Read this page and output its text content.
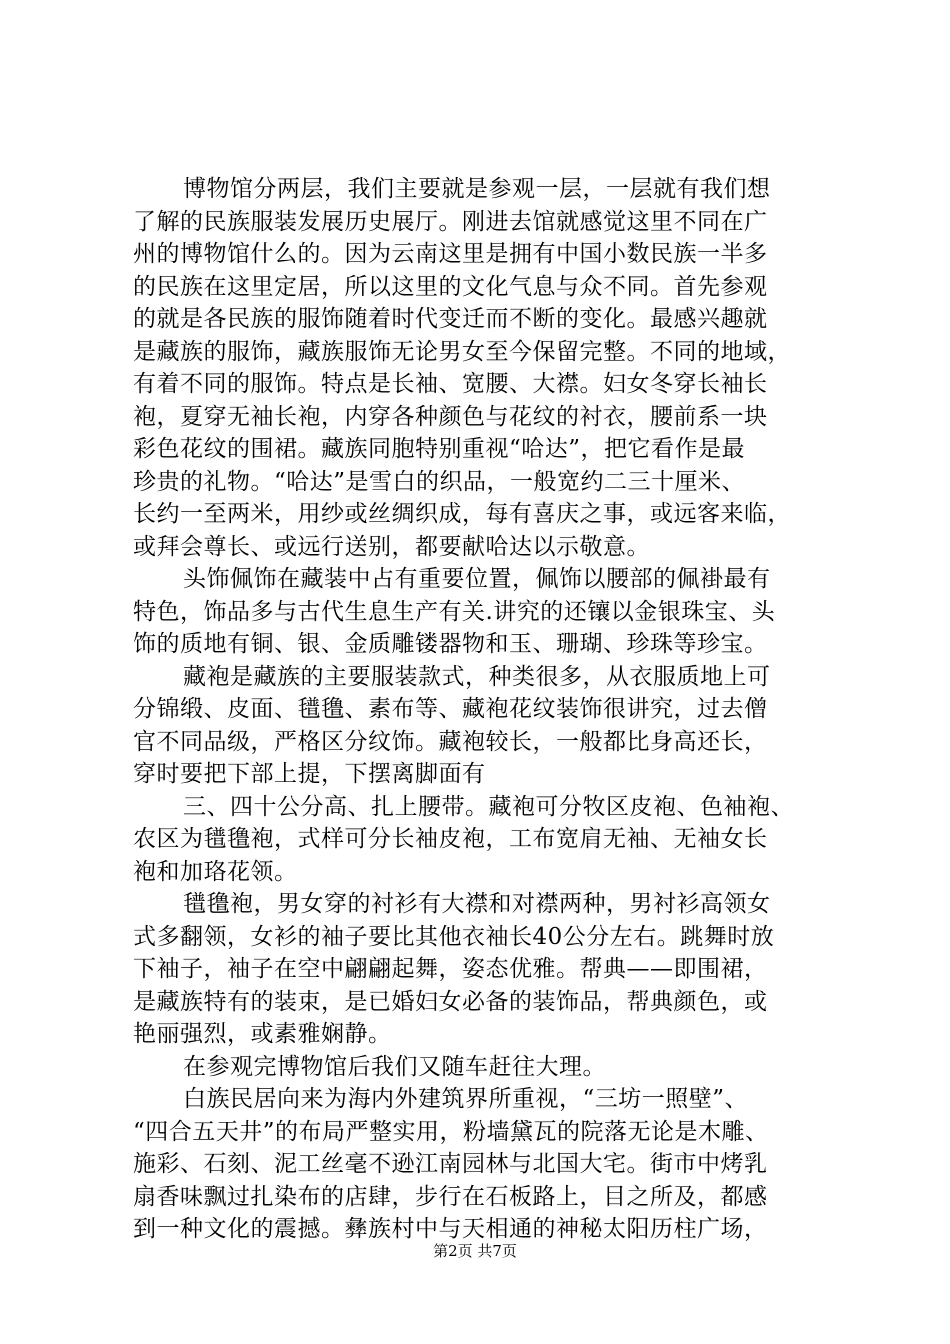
博物馆分两层，我们主要就是参观一层，一层就有我们想
了解的民族服装发展历史展厅。刚进去馆就感觉这里不同在广
州的博物馆什么的。因为云南这里是拥有中国小数民族一半多
的民族在这里定居，所以这里的文化气息与众不同。首先参观
的就是各民族的服饰随着时代变迁而不断的变化。最感兴趣就
是藏族的服饰，藏族服饰无论男女至今保留完整。不同的地域，
有着不同的服饰。特点是长袖、宽腰、大襟。妇女冬穿长袖长
袍，夏穿无袖长袍，内穿各种颜色与花纹的衬衣，腰前系一块
彩色花纹的围裙。藏族同胞特别重视“哈达”，把它看作是最
珍贵的礼物。“哈达”是雪白的织品，一般宽约二三十厘米、
长约一至两米，用纱或丝绸织成，每有喜庆之事，或远客来临，
或拜会尊长、或远行送别，都要献哈达以示敬意。
头饰佩饰在藏装中占有重要位置，佩饰以腰部的佩褂最有
特色，饰品多与古代生息生产有关.讲究的还镶以金银珠宝、头
饰的质地有铜、银、金质雕镂器物和玉、珊瑚、珍珠等珍宝。
藏袍是藏族的主要服装款式，种类很多，从衣服质地上可
分锦缎、皮面、氆氇、素布等、藏袍花纹装饰很讲究，过去僧
官不同品级，严格区分纹饰。藏袍较长，一般都比身高还长，
穿时要把下部上提，下摆离脚面有
三、四十公分高、扎上腰带。藏袍可分牧区皮袍、色袖袍、
农区为氆氇袍，式样可分长袖皮袍，工布宽肩无袖、无袖女长
袍和加珞花领。
氆氇袍，男女穿的衬衫有大襟和对襟两种，男衬衫高领女
式多翻领，女衫的袖子要比其他衣袖长40公分左右。跳舞时放
下袖子，袖子在空中翩翩起舞，姿态优雅。帮典——即围裙，
是藏族特有的装束，是已婚妇女必备的装饰品，帮典颜色，或
艳丽强烈，或素雅娴静。
在参观完博物馆后我们又随车赶往大理。
白族民居向来为海内外建筑界所重视，“三坊一照壁”、
“四合五天井”的布局严整实用，粉墙黛瓦的院落无论是木雕、
施彩、石刻、泥工丝毫不逊江南园林与北国大宅。街市中烤乳
扇香味飘过扎染布的店肆，步行在石板路上，目之所及，都感
到一种文化的震撼。彝族村中与天相通的神秘太阳历柱广场，
第2页 共7页
